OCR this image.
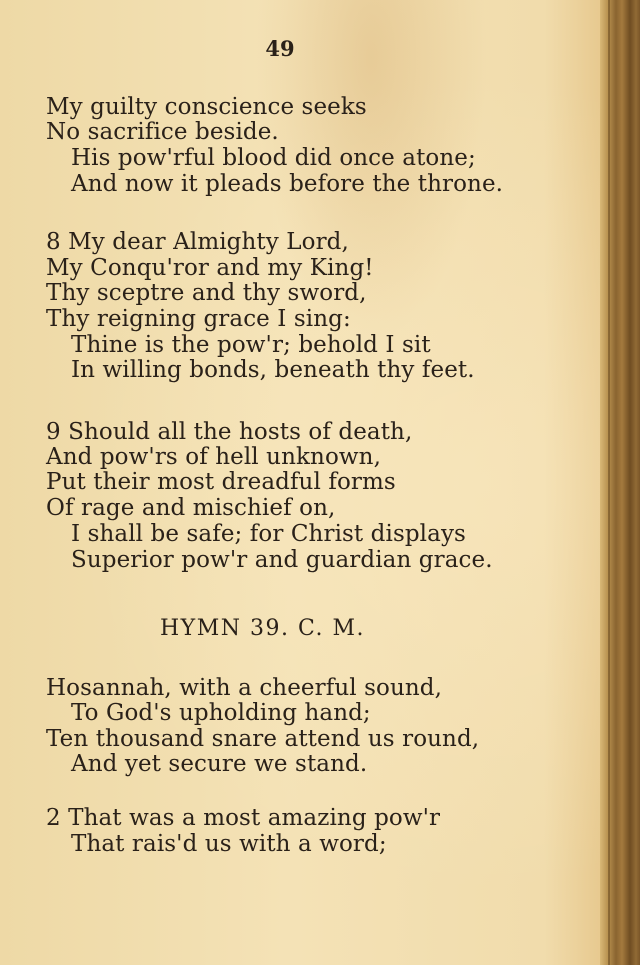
49
My guilty conscience seeks
No sacrifice beside.
His pow'rful blood did once atone;
And now it pleads before the throne.
8 My dear Almighty Lord,
My Conqu'ror and my King!
Thy sceptre and thy sword,
Thy reigning grace I sing:
Thine is the pow'r; behold I sit
In willing bonds, beneath thy feet.
9 Should all the hosts of death,
And pow'rs of hell unknown,
Put their most dreadful forms
Of rage and mischief on,
I shall be safe; for Christ displays
Superior pow'r and guardian grace.
HYMN 39. C. M.
Hosannah, with a cheerful sound,
To God's upholding hand;
Ten thousand snare attend us round,
And yet secure we stand.
2 That was a most amazing pow'r
That rais'd us with a word;
